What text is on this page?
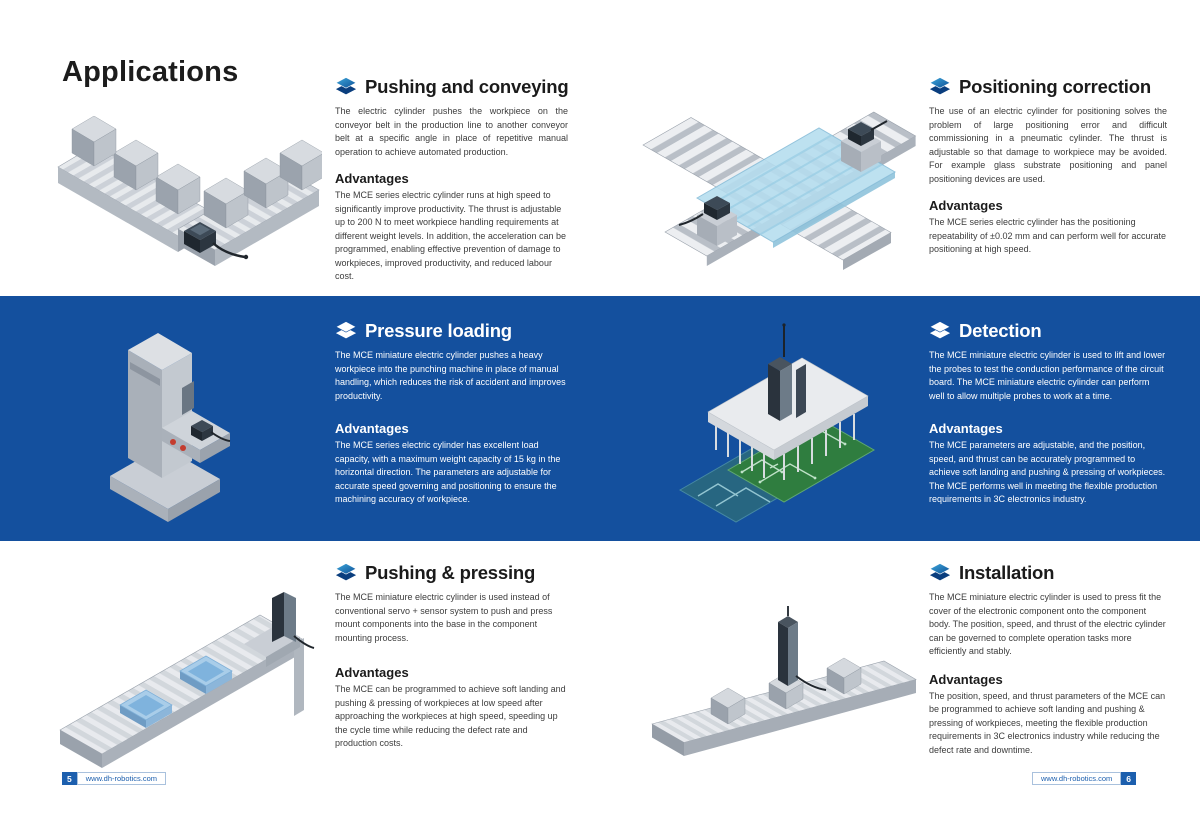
Applications	Pushing and conveying

The electric cylinder pushes the workpiece on the conveyor belt in the production line to another conveyor belt at a specific angle in place of repetitive manual operation to achieve automated production.

Advantages

The MCE series electric cylinder runs at high speed to significantly improve productivity. The thrust is adjustable up to 200 N to meet workpiece handling requirements at different weight levels. In addition, the acceleration can be programmed, enabling effective prevention of damage to workpieces, improved productivity, and reduced labour cost.

Positioning correction

The use of an electric cylinder for positioning solves the problem of large positioning error and difficult commissioning in a pneumatic cylinder. The thrust is adjustable so that damage to workpiece may be avoided. For example glass substrate positioning and panel positioning devices are used.

Advantages

The MCE series electric cylinder has the positioning repeatability of ±0.02 mm and can perform well for accurate positioning at high speed.

Pressure loading

The MCE miniature electric cylinder pushes a heavy workpiece into the punching machine in place of manual handling, which reduces the risk of accident and improves productivity.

Advantages

The MCE series electric cylinder has excellent load capacity, with a maximum weight capacity of 15 kg in the horizontal direction. The parameters are adjustable for accurate speed governing and positioning to ensure the machining accuracy of workpiece.

Detection

The MCE miniature electric cylinder is used to lift and lower the probes to test the conduction performance of the circuit board. The MCE miniature electric cylinder can perform well to allow multiple probes to work at a time.

Advantages

The MCE parameters are adjustable, and the position, speed, and thrust can be accurately programmed to achieve soft landing and pushing & pressing of workpieces. The MCE performs well in meeting the flexible production requirements in 3C electronics industry.

Pushing & pressing

The MCE miniature electric cylinder is used instead of conventional servo + sensor system to push and press mount components into the base in the component mounting process.

Advantages

The MCE can be programmed to achieve soft landing and pushing & pressing of workpieces at low speed after approaching the workpieces at high speed, speeding up the cycle time while reducing the defect rate and production costs.

Installation

The MCE miniature electric cylinder is used to press fit the cover of the electronic component onto the component body. The position, speed, and thrust of the electric cylinder can be governed to complete operation tasks more efficiently and stably.

Advantages

The position, speed, and thrust parameters of the MCE can be programmed to achieve soft landing and pushing & pressing of workpieces, meeting the flexible production requirements in 3C electronics industry while reducing the defect rate and downtime.

5	www.dh-robotics.com	www.dh-robotics.com	6
